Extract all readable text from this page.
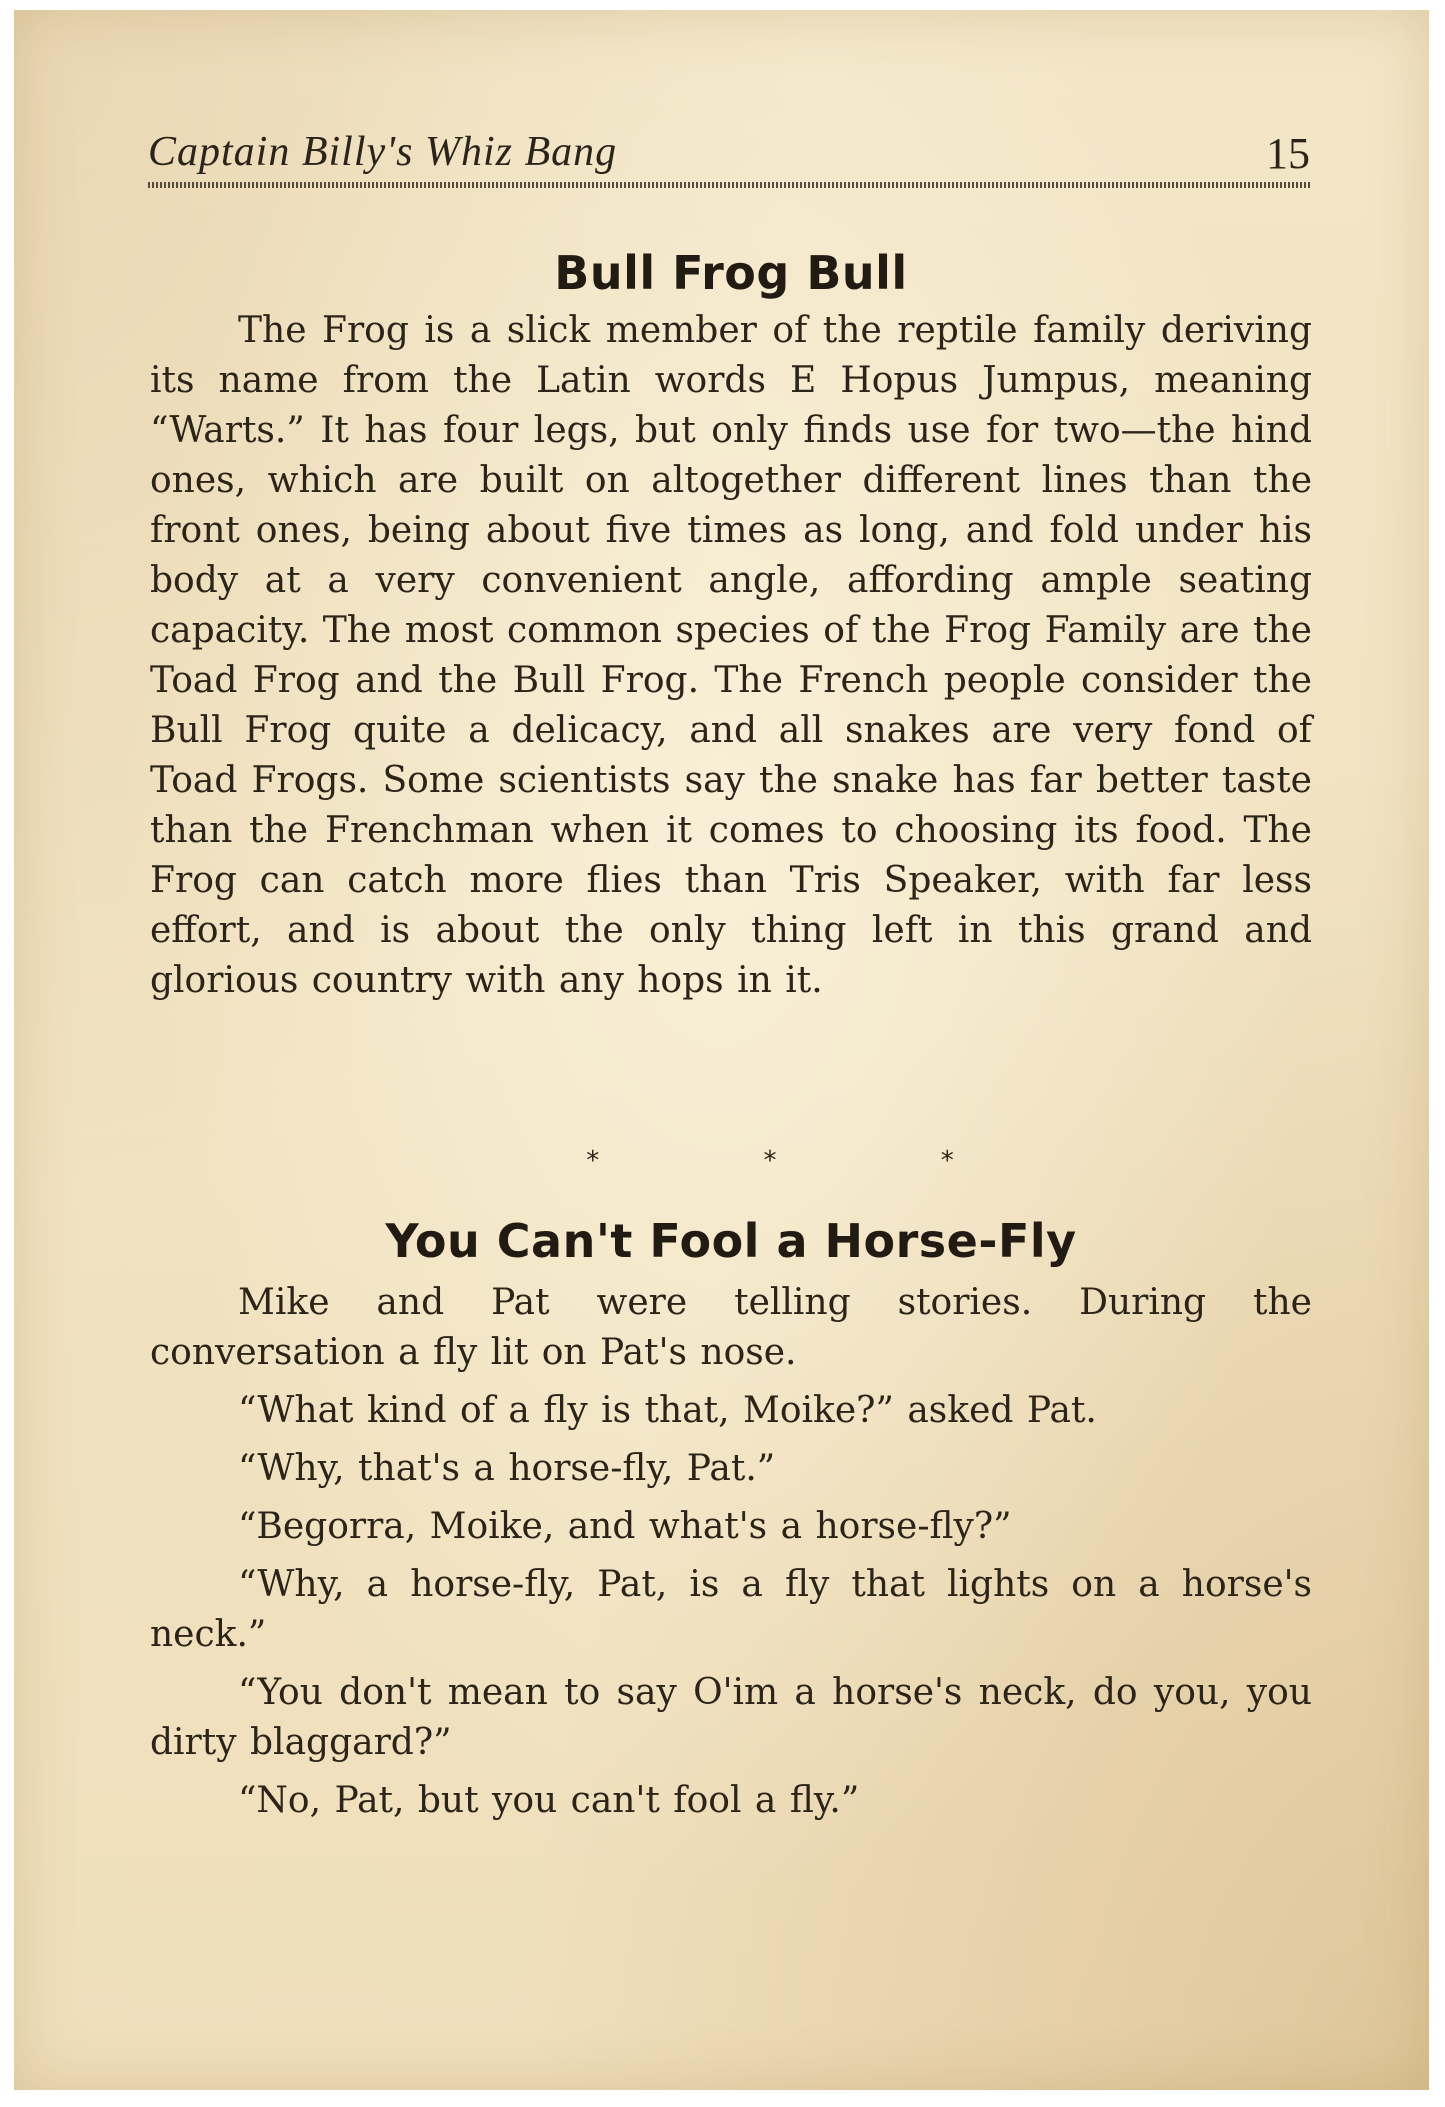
Captain Billy's Whiz Bang	15
Bull Frog Bull

The Frog is a slick member of the reptile family deriving its name from the Latin words E Hopus Jumpus, meaning “Warts.” It has four legs, but only finds use for two—the hind ones, which are built on altogether different lines than the front ones, being about five times as long, and fold under his body at a very convenient angle, affording ample seating capacity. The most common species of the Frog Family are the Toad Frog and the Bull Frog. The French people consider the Bull Frog quite a delicacy, and all snakes are very fond of Toad Frogs. Some scientists say the snake has far better taste than the Frenchman when it comes to choosing its food. The Frog can catch more flies than Tris Speaker, with far less effort, and is about the only thing left in this grand and glorious country with any hops in it.

* * *
You Can't Fool a Horse-Fly

Mike and Pat were telling stories. During the conversation a fly lit on Pat's nose.

“What kind of a fly is that, Moike?” asked Pat.

“Why, that's a horse-fly, Pat.”

“Begorra, Moike, and what's a horse-fly?”

“Why, a horse-fly, Pat, is a fly that lights on a horse's neck.”

“You don't mean to say O'im a horse's neck, do you, you dirty blaggard?”

“No, Pat, but you can't fool a fly.”
